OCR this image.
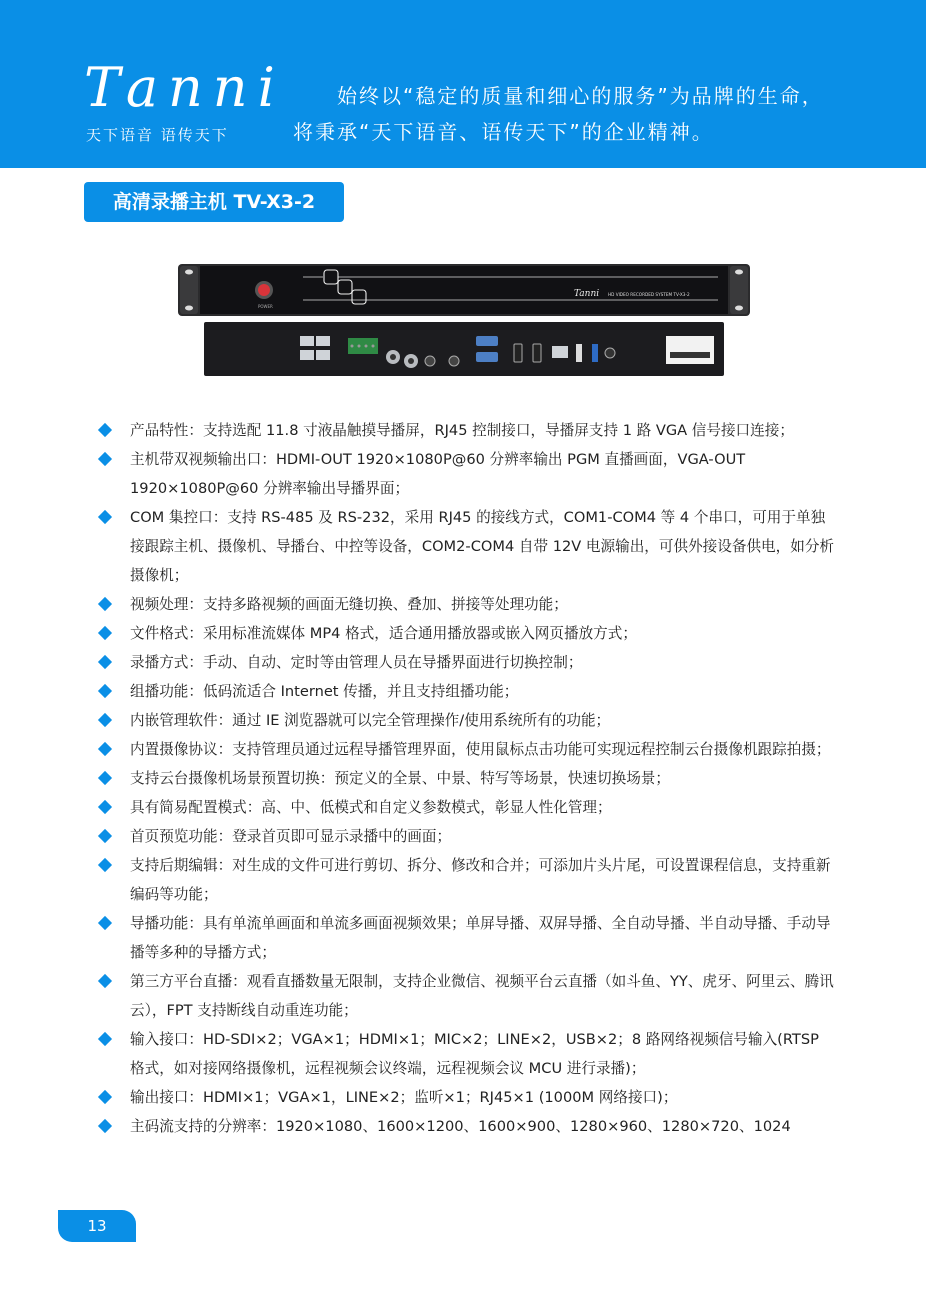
Tanni
天下语音 语传天下
始终以“稳定的质量和细心的服务”为品牌的生命，
将秉承“天下语音、语传天下”的企业精神。
高清录播主机 TV-X3-2
POWER
Tanni HD VIDEO RECORDED SYSTEM TV-X3-2
产品特性：支持选配 11.8 寸液晶触摸导播屏，RJ45 控制接口，导播屏支持 1 路 VGA 信号接口连接；
主机带双视频输出口：HDMI-OUT 1920×1080P@60 分辨率输出 PGM 直播画面，VGA-OUT 1920×1080P@60 分辨率输出导播界面；
COM 集控口：支持 RS-485 及 RS-232，采用 RJ45 的接线方式，COM1-COM4 等 4 个串口，可用于单独接跟踪主机、摄像机、导播台、中控等设备，COM2-COM4 自带 12V 电源输出，可供外接设备供电，如分析摄像机；
视频处理：支持多路视频的画面无缝切换、叠加、拼接等处理功能；
文件格式：采用标准流媒体 MP4 格式，适合通用播放器或嵌入网页播放方式；
录播方式：手动、自动、定时等由管理人员在导播界面进行切换控制；
组播功能：低码流适合 Internet 传播，并且支持组播功能；
内嵌管理软件：通过 IE 浏览器就可以完全管理操作/使用系统所有的功能；
内置摄像协议：支持管理员通过远程导播管理界面，使用鼠标点击功能可实现远程控制云台摄像机跟踪拍摄；
支持云台摄像机场景预置切换：预定义的全景、中景、特写等场景，快速切换场景；
具有简易配置模式：高、中、低模式和自定义参数模式，彰显人性化管理；
首页预览功能：登录首页即可显示录播中的画面；
支持后期编辑：对生成的文件可进行剪切、拆分、修改和合并；可添加片头片尾，可设置课程信息，支持重新编码等功能；
导播功能：具有单流单画面和单流多画面视频效果；单屏导播、双屏导播、全自动导播、半自动导播、手动导播等多种的导播方式；
第三方平台直播：观看直播数量无限制，支持企业微信、视频平台云直播（如斗鱼、YY、虎牙、阿里云、腾讯云），FPT 支持断线自动重连功能；
输入接口：HD-SDI×2；VGA×1；HDMI×1；MIC×2；LINE×2，USB×2；8 路网络视频信号输入(RTSP 格式，如对接网络摄像机，远程视频会议终端，远程视频会议 MCU 进行录播)；
输出接口：HDMI×1；VGA×1，LINE×2；监听×1；RJ45×1 (1000M 网络接口)；
主码流支持的分辨率：1920×1080、1600×1200、1600×900、1280×960、1280×720、1024
13
